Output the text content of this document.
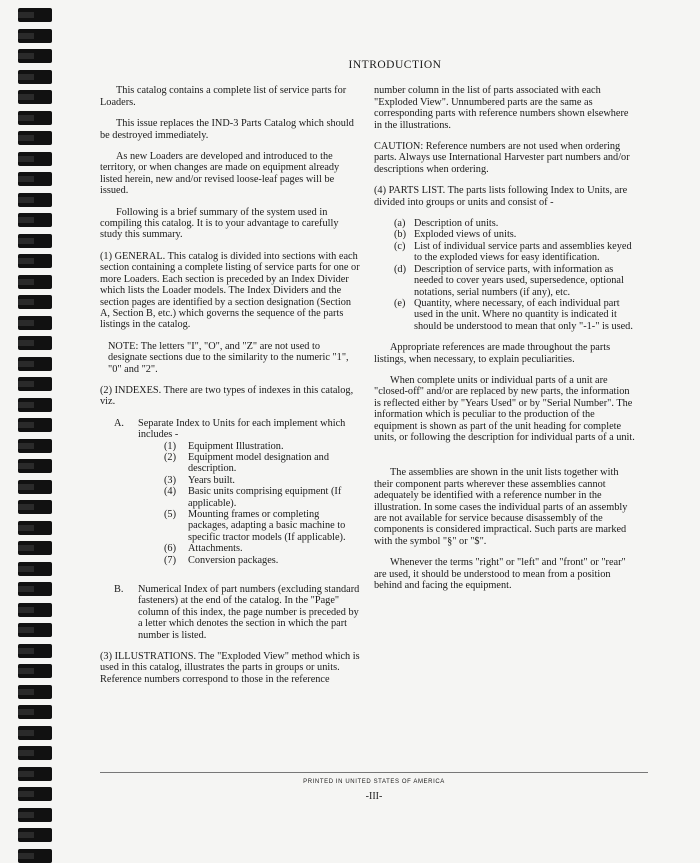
INTRODUCTION

This catalog contains a complete list of service parts for Loaders.

This issue replaces the IND-3 Parts Catalog which should be destroyed immediately.

As new Loaders are developed and introduced to the territory, or when changes are made on equipment already listed herein, new and/or revised loose-leaf pages will be issued.

Following is a brief summary of the system used in compiling this catalog. It is to your advantage to carefully study this summary.

(1) GENERAL. This catalog is divided into sections with each section containing a complete listing of service parts for one or more Loaders. Each section is preceded by an Index Divider which lists the Loader models. The Index Dividers and the section pages are identified by a section designation (Section A, Section B, etc.) which governs the sequence of the parts listings in the catalog.

NOTE: The letters "I", "O", and "Z" are not used to designate sections due to the similarity to the numeric "1", "0" and "2".

(2) INDEXES. There are two types of indexes in this catalog, viz.

A.	Separate Index to Units for each implement which includes -
(1)	Equipment Illustration.
(2)	Equipment model designation and description.
(3)	Years built.
(4)	Basic units comprising equipment (If applicable).
(5)	Mounting frames or completing packages, adapting a basic machine to specific tractor models (If applicable).
(6)	Attachments.
(7)	Conversion packages.
B.	Numerical Index of part numbers (excluding standard fasteners) at the end of the catalog. In the "Page" column of this index, the page number is preceded by a letter which denotes the section in which the part number is listed.

(3) ILLUSTRATIONS. The "Exploded View" method which is used in this catalog, illustrates the parts in groups or units. Reference numbers correspond to those in the reference

number column in the list of parts associated with each "Exploded View". Unnumbered parts are the same as corresponding parts with reference numbers shown elsewhere in the illustrations.

CAUTION: Reference numbers are not used when ordering parts. Always use International Harvester part numbers and/or descriptions when ordering.

(4) PARTS LIST. The parts lists following Index to Units, are divided into groups or units and consist of -

(a) Description of units.
(b) Exploded views of units.
(c) List of individual service parts and assemblies keyed to the exploded views for easy identification.
(d) Description of service parts, with information as needed to cover years used, supersedence, optional notations, serial numbers (if any), etc.
(e) Quantity, where necessary, of each individual part used in the unit. Where no quantity is indicated it should be understood to mean that only "-1-" is used.

Appropriate references are made throughout the parts listings, when necessary, to explain peculiarities.

When complete units or individual parts of a unit are "closed-off" and/or are replaced by new parts, the information is reflected either by "Years Used" or by "Serial Number". The information which is peculiar to the production of the equipment is shown as part of the unit heading for complete units, or following the description for individual parts of a unit.

The assemblies are shown in the unit lists together with their component parts wherever these assemblies cannot adequately be identified with a reference number in the illustration. In some cases the individual parts of an assembly are not available for service because disassembly of the components is considered impractical. Such parts are marked with the symbol "§" or "$".

Whenever the terms "right" or "left" and "front" or "rear" are used, it should be understood to mean from a position behind and facing the equipment.

PRINTED IN UNITED STATES OF AMERICA
-III-
